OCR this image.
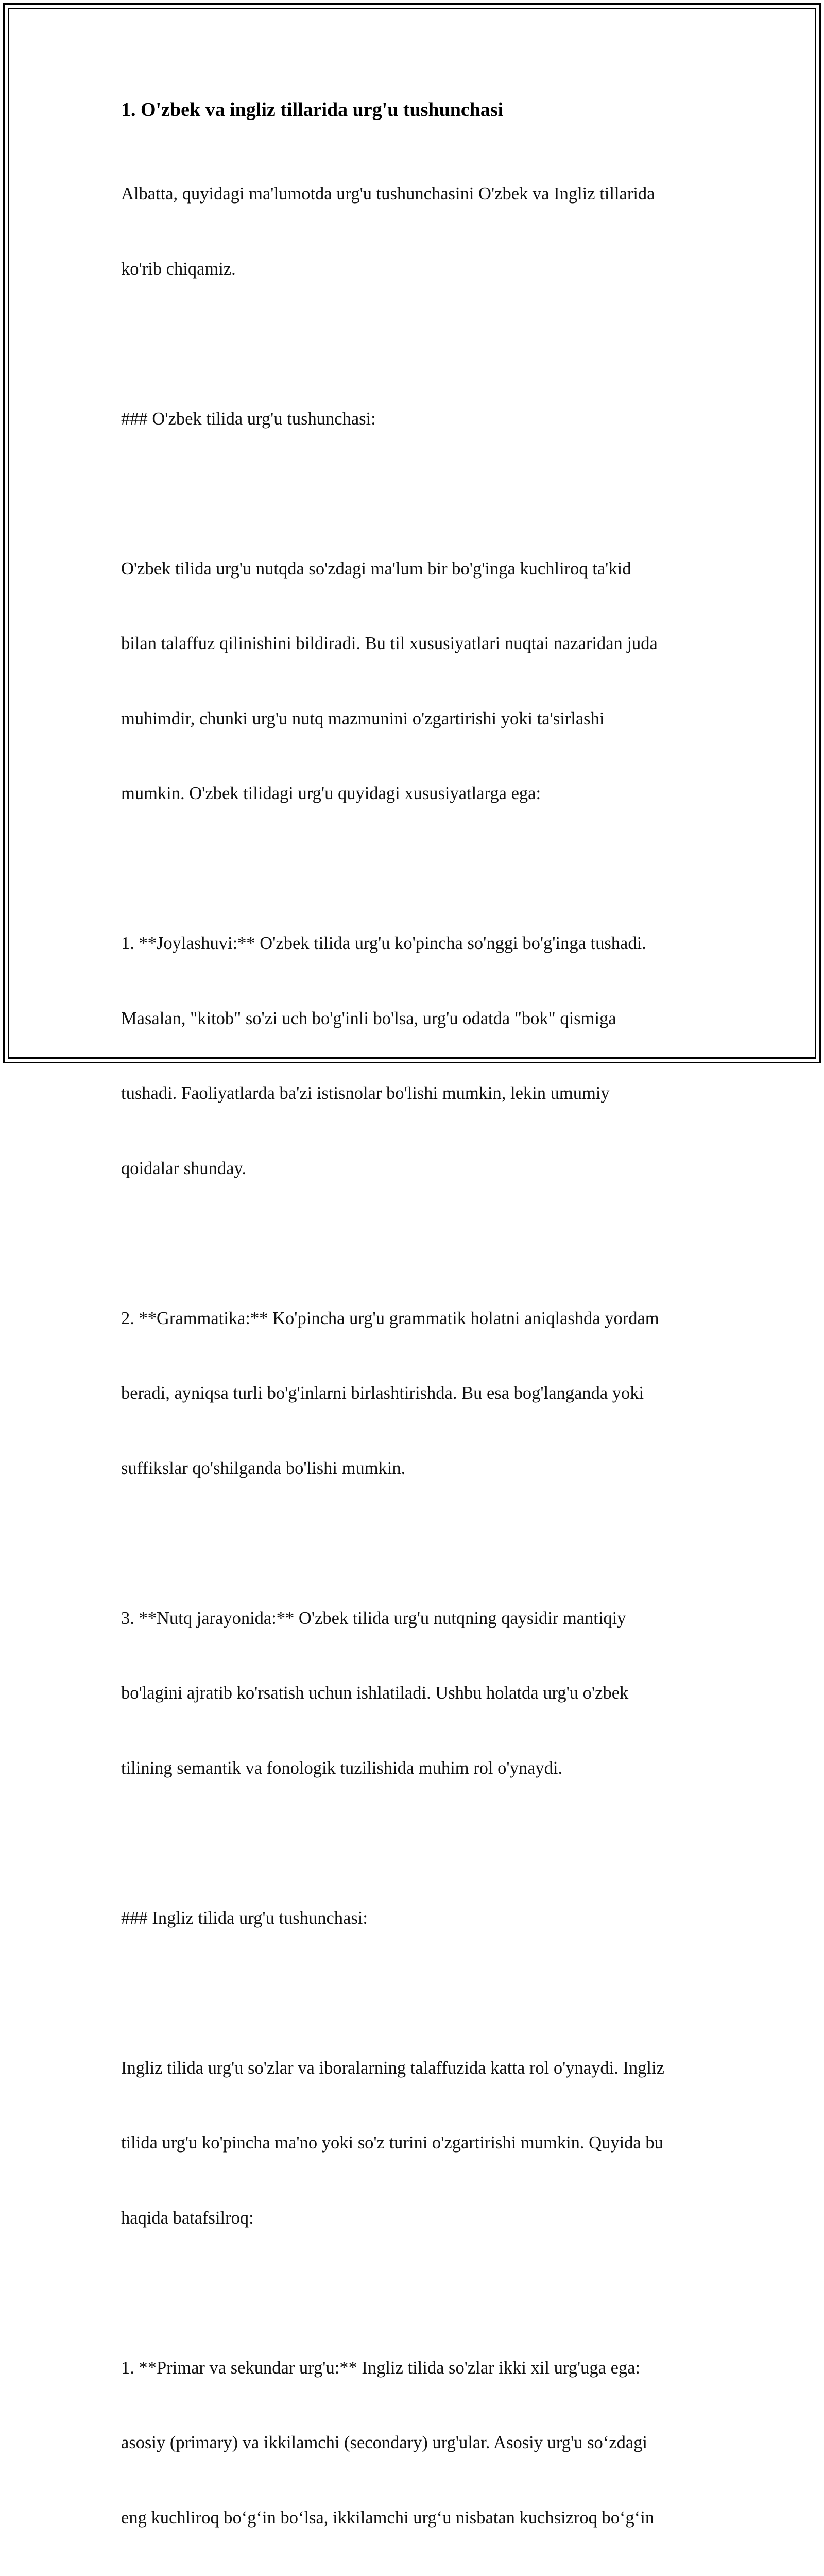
1. O'zbek va ingliz tillarida urg'u tushunchasi

Albatta, quyidagi ma'lumotda urg'u tushunchasini O'zbek va Ingliz tillarida

ko'rib chiqamiz.

### O'zbek tilida urg'u tushunchasi:

O'zbek tilida urg'u nutqda so'zdagi ma'lum bir bo'g'inga kuchliroq ta'kid

bilan talaffuz qilinishini bildiradi. Bu til xususiyatlari nuqtai nazaridan juda

muhimdir, chunki urg'u nutq mazmunini o'zgartirishi yoki ta'sirlashi

mumkin. O'zbek tilidagi urg'u quyidagi xususiyatlarga ega:

1. **Joylashuvi:** O'zbek tilida urg'u ko'pincha so'nggi bo'g'inga tushadi.

Masalan, "kitob" so'zi uch bo'g'inli bo'lsa, urg'u odatda "bok" qismiga

tushadi. Faoliyatlarda ba'zi istisnolar bo'lishi mumkin, lekin umumiy

qoidalar shunday.

2. **Grammatika:** Ko'pincha urg'u grammatik holatni aniqlashda yordam

beradi, ayniqsa turli bo'g'inlarni birlashtirishda. Bu esa bog'langanda yoki

suffikslar qo'shilganda bo'lishi mumkin.

3. **Nutq jarayonida:** O'zbek tilida urg'u nutqning qaysidir mantiqiy

bo'lagini ajratib ko'rsatish uchun ishlatiladi. Ushbu holatda urg'u o'zbek

tilining semantik va fonologik tuzilishida muhim rol o'ynaydi.

### Ingliz tilida urg'u tushunchasi:

Ingliz tilida urg'u so'zlar va iboralarning talaffuzida katta rol o'ynaydi. Ingliz

tilida urg'u ko'pincha ma'no yoki so'z turini o'zgartirishi mumkin. Quyida bu

haqida batafsilroq:

1. **Primar va sekundar urg'u:** Ingliz tilida so'zlar ikki xil urg'uga ega:

asosiy (primary) va ikkilamchi (secondary) urg'ular. Asosiy urg'u so‘zdagi

eng kuchliroq bo‘g‘in bo‘lsa, ikkilamchi urg‘u nisbatan kuchsizroq bo‘g‘in
